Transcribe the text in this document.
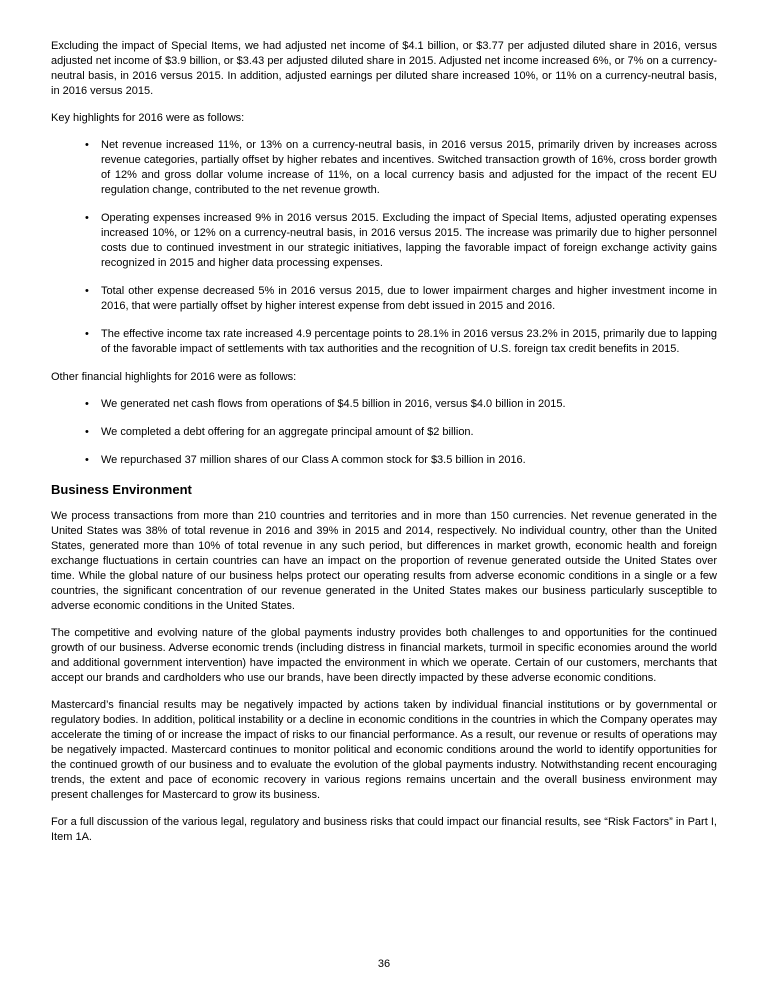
Excluding the impact of Special Items, we had adjusted net income of $4.1 billion, or $3.77 per adjusted diluted share in 2016, versus adjusted net income of $3.9 billion, or $3.43 per adjusted diluted share in 2015. Adjusted net income increased 6%, or 7% on a currency-neutral basis, in 2016 versus 2015. In addition, adjusted earnings per diluted share increased 10%, or 11% on a currency-neutral basis, in 2016 versus 2015.

Key highlights for 2016 were as follows:

•	Net revenue increased 11%, or 13% on a currency-neutral basis, in 2016 versus 2015, primarily driven by increases across revenue categories, partially offset by higher rebates and incentives. Switched transaction growth of 16%, cross border growth of 12% and gross dollar volume increase of 11%, on a local currency basis and adjusted for the impact of the recent EU regulation change, contributed to the net revenue growth.
•	Operating expenses increased 9% in 2016 versus 2015. Excluding the impact of Special Items, adjusted operating expenses increased 10%, or 12% on a currency-neutral basis, in 2016 versus 2015. The increase was primarily due to higher personnel costs due to continued investment in our strategic initiatives, lapping the favorable impact of foreign exchange activity gains recognized in 2015 and higher data processing expenses.
•	Total other expense decreased 5% in 2016 versus 2015, due to lower impairment charges and higher investment income in 2016, that were partially offset by higher interest expense from debt issued in 2015 and 2016.
•	The effective income tax rate increased 4.9 percentage points to 28.1% in 2016 versus 23.2% in 2015, primarily due to lapping of the favorable impact of settlements with tax authorities and the recognition of U.S. foreign tax credit benefits in 2015.

Other financial highlights for 2016 were as follows:

•	We generated net cash flows from operations of $4.5 billion in 2016, versus $4.0 billion in 2015.
•	We completed a debt offering for an aggregate principal amount of $2 billion.
•	We repurchased 37 million shares of our Class A common stock for $3.5 billion in 2016.
Business Environment

We process transactions from more than 210 countries and territories and in more than 150 currencies. Net revenue generated in the United States was 38% of total revenue in 2016 and 39% in 2015 and 2014, respectively. No individual country, other than the United States, generated more than 10% of total revenue in any such period, but differences in market growth, economic health and foreign exchange fluctuations in certain countries can have an impact on the proportion of revenue generated outside the United States over time. While the global nature of our business helps protect our operating results from adverse economic conditions in a single or a few countries, the significant concentration of our revenue generated in the United States makes our business particularly susceptible to adverse economic conditions in the United States.

The competitive and evolving nature of the global payments industry provides both challenges to and opportunities for the continued growth of our business. Adverse economic trends (including distress in financial markets, turmoil in specific economies around the world and additional government intervention) have impacted the environment in which we operate. Certain of our customers, merchants that accept our brands and cardholders who use our brands, have been directly impacted by these adverse economic conditions.

Mastercard’s financial results may be negatively impacted by actions taken by individual financial institutions or by governmental or regulatory bodies. In addition, political instability or a decline in economic conditions in the countries in which the Company operates may accelerate the timing of or increase the impact of risks to our financial performance. As a result, our revenue or results of operations may be negatively impacted. Mastercard continues to monitor political and economic conditions around the world to identify opportunities for the continued growth of our business and to evaluate the evolution of the global payments industry. Notwithstanding recent encouraging trends, the extent and pace of economic recovery in various regions remains uncertain and the overall business environment may present challenges for Mastercard to grow its business.

For a full discussion of the various legal, regulatory and business risks that could impact our financial results, see “Risk Factors” in Part I, Item 1A.

36
